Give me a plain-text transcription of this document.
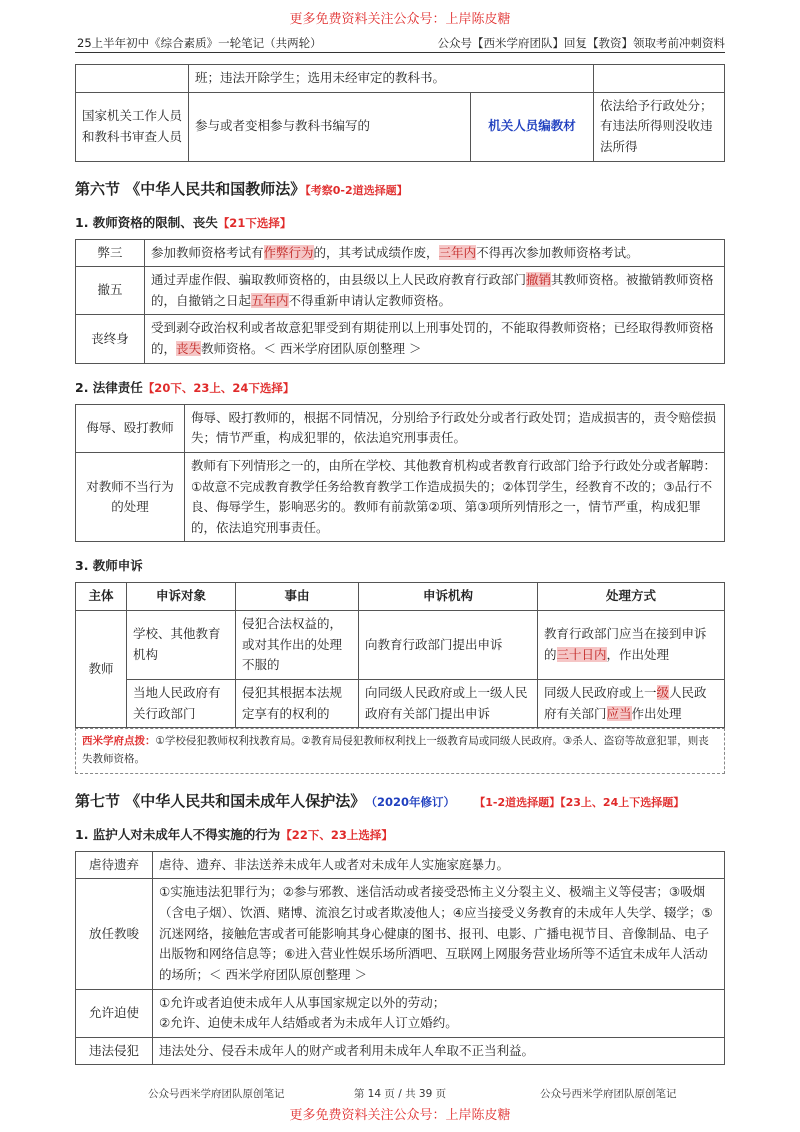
更多免费资料关注公众号：上岸陈皮糖
25上半年初中《综合素质》一轮笔记（共两轮）	公众号【西米学府团队】回复【教资】领取考前冲刺资料
	班；违法开除学生；选用未经审定的教科书。		
国家机关工作人员和教科书审查人员	参与或者变相参与教科书编写的	机关人员编教材	依法给予行政处分；有违法所得则没收违法所得
第六节 《中华人民共和国教师法》【考察0-2道选择题】
1. 教师资格的限制、丧失【21下选择】
弊三	参加教师资格考试有作弊行为的，其考试成绩作废，三年内不得再次参加教师资格考试。
撤五	通过弄虚作假、骗取教师资格的，由县级以上人民政府教育行政部门撤销其教师资格。被撤销教师资格的，自撤销之日起五年内不得重新申请认定教师资格。
丧终身	受到剥夺政治权利或者故意犯罪受到有期徒刑以上刑事处罚的，不能取得教师资格；已经取得教师资格的，丧失教师资格。＜ 西米学府团队原创整理 ＞
2. 法律责任【20下、23上、24下选择】
侮辱、殴打教师	侮辱、殴打教师的，根据不同情况，分别给予行政处分或者行政处罚；造成损害的，责令赔偿损失；情节严重，构成犯罪的，依法追究刑事责任。
对教师不当行为的处理	教师有下列情形之一的，由所在学校、其他教育机构或者教育行政部门给予行政处分或者解聘：①故意不完成教育教学任务给教育教学工作造成损失的；②体罚学生，经教育不改的；③品行不良、侮辱学生，影响恶劣的。教师有前款第②项、第③项所列情形之一，情节严重，构成犯罪的，依法追究刑事责任。
3. 教师申诉
主体	申诉对象	事由	申诉机构	处理方式
教师	学校、其他教育机构	侵犯合法权益的，或对其作出的处理不服的	向教育行政部门提出申诉	教育行政部门应当在接到申诉的三十日内，作出处理
	当地人民政府有关行政部门	侵犯其根据本法规定享有的权利的	向同级人民政府或上一级人民政府有关部门提出申诉	同级人民政府或上一级人民政府有关部门应当作出处理
西米学府点拨：①学校侵犯教师权利找教育局。②教育局侵犯教师权利找上一级教育局或同级人民政府。③杀人、盗窃等故意犯罪，则丧失教师资格。
第七节 《中华人民共和国未成年人保护法》 （2020年修订） 【1-2道选择题】【23上、24上下选择题】
1. 监护人对未成年人不得实施的行为【22下、23上选择】
虐待遗弃	虐待、遗弃、非法送养未成年人或者对未成年人实施家庭暴力。
放任教唆	①实施违法犯罪行为；②参与邪教、迷信活动或者接受恐怖主义分裂主义、极端主义等侵害；③吸烟（含电子烟）、饮酒、赌博、流浪乞讨或者欺凌他人；④应当接受义务教育的未成年人失学、辍学；⑤沉迷网络，接触危害或者可能影响其身心健康的图书、报刊、电影、广播电视节目、音像制品、电子出版物和网络信息等；⑥进入营业性娱乐场所酒吧、互联网上网服务营业场所等不适宜未成年人活动的场所；＜ 西米学府团队原创整理 ＞
允许迫使	①允许或者迫使未成年人从事国家规定以外的劳动；
②允许、迫使未成年人结婚或者为未成年人订立婚约。

违法侵犯	违法处分、侵吞未成年人的财产或者利用未成年人牟取不正当利益。
公众号西米学府团队原创笔记	第 14 页 / 共 39 页	公众号西米学府团队原创笔记
更多免费资料关注公众号：上岸陈皮糖
